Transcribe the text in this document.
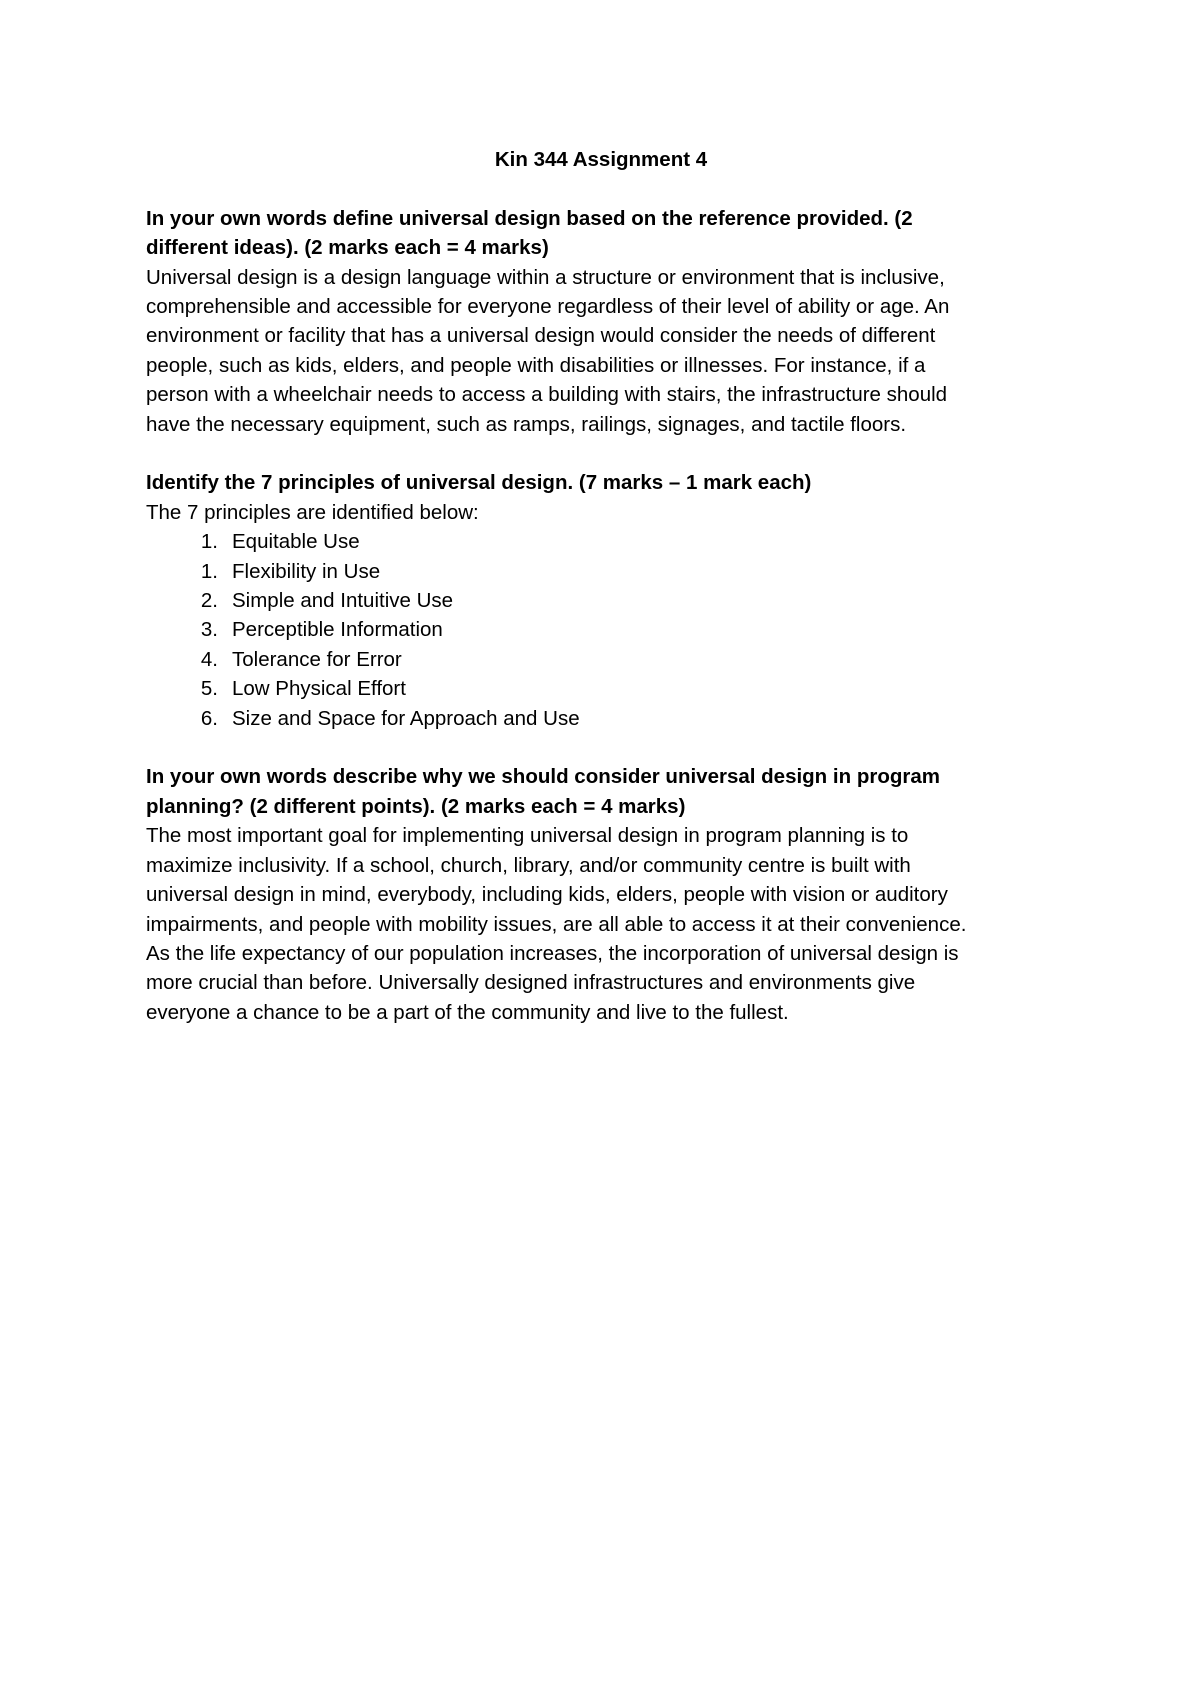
Kin 344 Assignment 4

In your own words define universal design based on the reference provided. (2
different ideas). (2 marks each = 4 marks)

Universal design is a design language within a structure or environment that is inclusive,
comprehensible and accessible for everyone regardless of their level of ability or age. An
environment or facility that has a universal design would consider the needs of different
people, such as kids, elders, and people with disabilities or illnesses. For instance, if a
person with a wheelchair needs to access a building with stairs, the infrastructure should
have the necessary equipment, such as ramps, railings, signages, and tactile floors.

Identify the 7 principles of universal design. (7 marks – 1 mark each)

The 7 principles are identified below:

1. Equitable Use
1. Flexibility in Use
2. Simple and Intuitive Use
3. Perceptible Information
4. Tolerance for Error
5. Low Physical Effort
6. Size and Space for Approach and Use

In your own words describe why we should consider universal design in program
planning? (2 different points). (2 marks each = 4 marks)

The most important goal for implementing universal design in program planning is to
maximize inclusivity. If a school, church, library, and/or community centre is built with
universal design in mind, everybody, including kids, elders, people with vision or auditory
impairments, and people with mobility issues, are all able to access it at their convenience.
As the life expectancy of our population increases, the incorporation of universal design is
more crucial than before. Universally designed infrastructures and environments give
everyone a chance to be a part of the community and live to the fullest.
